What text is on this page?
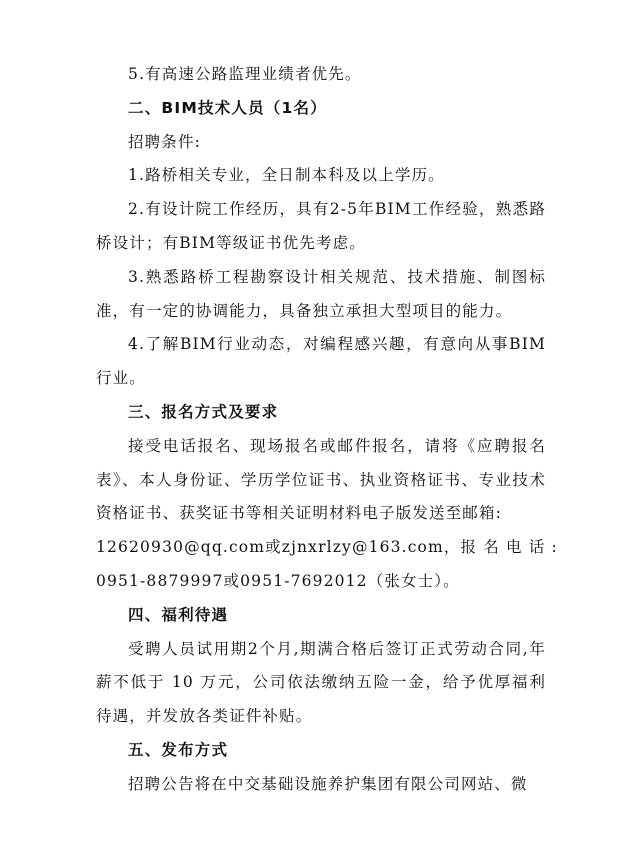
5.有高速公路监理业绩者优先。
二、BIM技术人员（1名）
招聘条件:
1.路桥相关专业，全日制本科及以上学历。

2.有设计院工作经历，具有2-5年BIM工作经验，熟悉路桥设计；有BIM等级证书优先考虑。

3.熟悉路桥工程勘察设计相关规范、技术措施、制图标准，有一定的协调能力，具备独立承担大型项目的能力。

4.了解BIM行业动态，对编程感兴趣，有意向从事BIM行业。

三、报名方式及要求

接受电话报名、现场报名或邮件报名，请将《应聘报名表》、本人身份证、学历学位证书、执业资格证书、专业技术资格证书、获奖证书等相关证明材料电子版发送至邮箱:

12620930@qq.com 或 zjnxrlzy@163.com， 报 名 电 话 :
0951-8879997或0951-7692012（张女士）。
四、福利待遇

受聘人员试用期2个月,期满合格后签订正式劳动合同,年薪不低于 10 万元，公司依法缴纳五险一金，给予优厚福利待遇，并发放各类证件补贴。

五、发布方式
招聘公告将在中交基础设施养护集团有限公司网站、微
